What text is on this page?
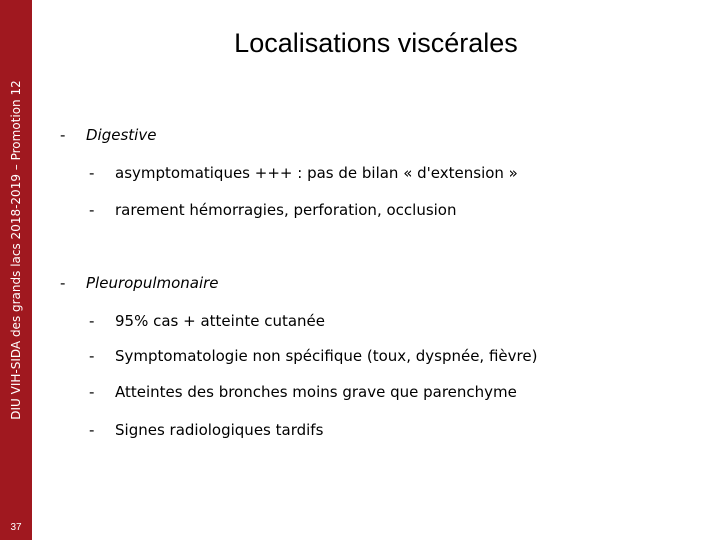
DIU VIH-SIDA des grands lacs 2018-2019 – Promotion 12
37
Localisations viscérales
- Digestive
- asymptomatiques +++ : pas de bilan « d'extension »
- rarement hémorragies, perforation, occlusion
- Pleuropulmonaire
- 95% cas + atteinte cutanée
- Symptomatologie non spécifique (toux, dyspnée, fièvre)
- Atteintes des bronches moins grave que parenchyme
- Signes radiologiques tardifs
